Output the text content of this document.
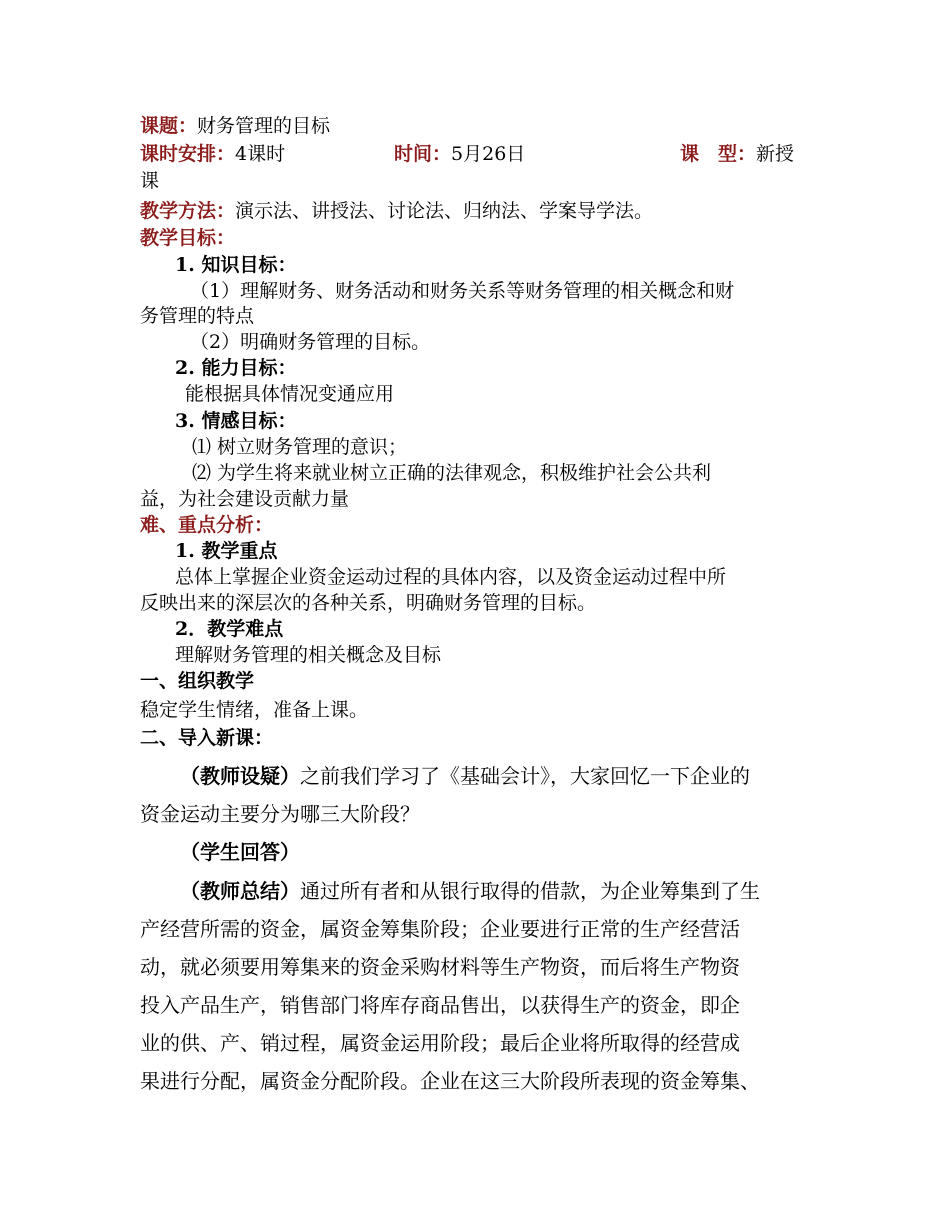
课题：财务管理的目标
课时安排：4课时	时间：5月26日	课　型：新授
课
教学方法：演示法、讲授法、讨论法、归纳法、学案导学法。
教学目标：
1. 知识目标：
（1）理解财务、财务活动和财务关系等财务管理的相关概念和财
务管理的特点
（2）明确财务管理的目标。
2. 能力目标：
能根据具体情况变通应用
3. 情感目标：
⑴ 树立财务管理的意识；
⑵ 为学生将来就业树立正确的法律观念，积极维护社会公共利
益，为社会建设贡献力量
难、重点分析：
1. 教学重点
总体上掌握企业资金运动过程的具体内容，以及资金运动过程中所
反映出来的深层次的各种关系，明确财务管理的目标。
2．教学难点
理解财务管理的相关概念及目标
一、组织教学
稳定学生情绪，准备上课。
二、导入新课：
（教师设疑）之前我们学习了《基础会计》，大家回忆一下企业的
资金运动主要分为哪三大阶段？
（学生回答）
（教师总结）通过所有者和从银行取得的借款，为企业筹集到了生
产经营所需的资金，属资金筹集阶段；企业要进行正常的生产经营活
动，就必须要用筹集来的资金采购材料等生产物资，而后将生产物资
投入产品生产，销售部门将库存商品售出，以获得生产的资金，即企
业的供、产、销过程，属资金运用阶段；最后企业将所取得的经营成
果进行分配，属资金分配阶段。企业在这三大阶段所表现的资金筹集、
